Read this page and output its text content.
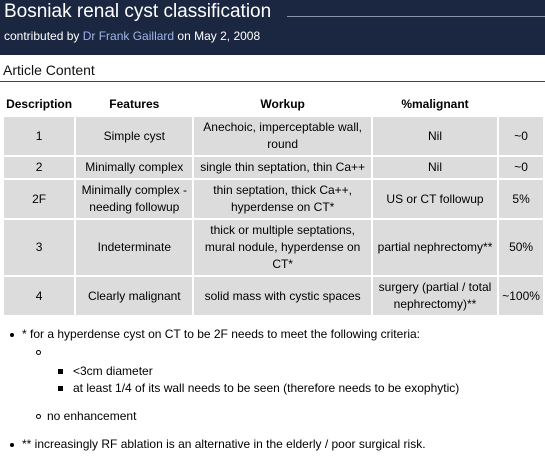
Bosniak renal cyst classification
contributed by Dr Frank Gaillard on May 2, 2008
Article Content
Description	Features	Workup	%malignant	
1	Simple cyst	Anechoic, imperceptable wall, round	Nil	~0
2	Minimally complex	single thin septation, thin Ca++	Nil	~0
2F	Minimally complex - needing followup	thin septation, thick Ca++, hyperdense on CT*	US or CT followup	5%
3	Indeterminate	thick or multiple septations, mural nodule, hyperdense on CT*	partial nephrectomy**	50%
4	Clearly malignant	solid mass with cystic spaces	surgery (partial / total nephrectomy)**	~100%
* for a hyperdense cyst on CT to be 2F needs to meet the following criteria:
<3cm diameter
at least 1/4 of its wall needs to be seen (therefore needs to be exophytic)
no enhancement
** increasingly RF ablation is an alternative in the elderly / poor surgical risk.
